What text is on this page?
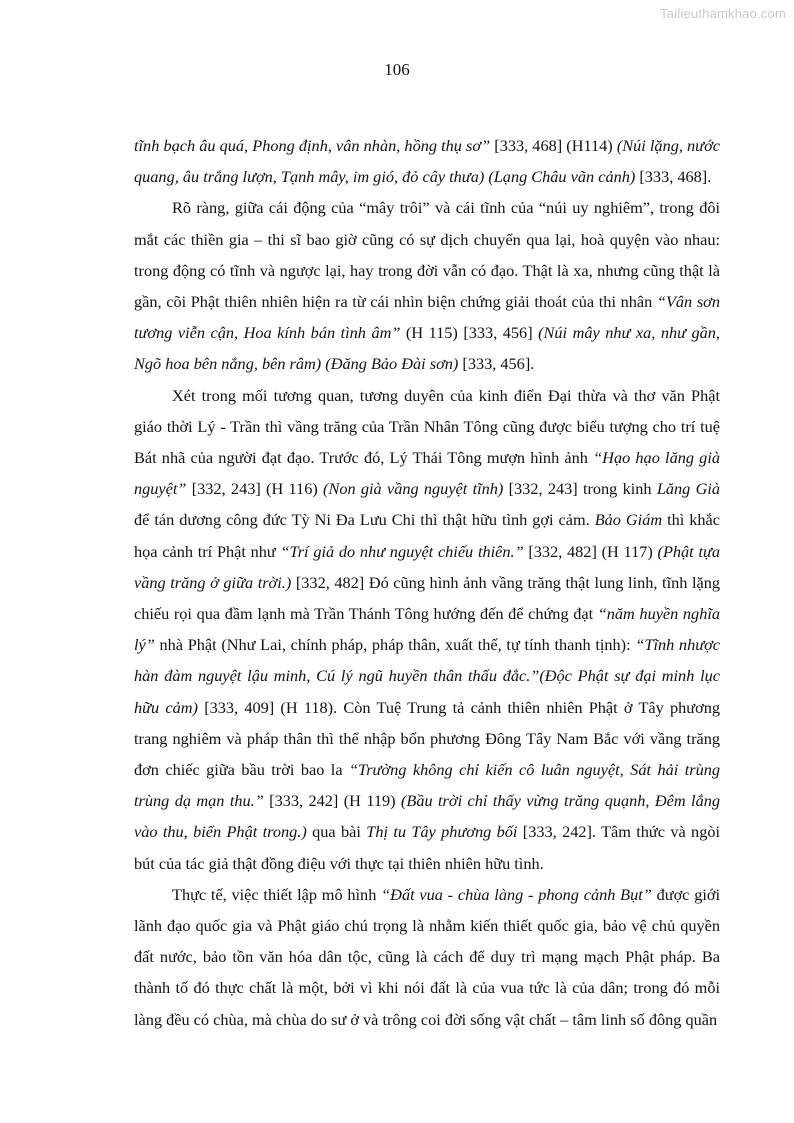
Tailieuthamkhao.com
106

tĩnh bạch âu quá, Phong định, vân nhàn, hồng thụ sơ” [333, 468] (H114) (Núi lặng, nước quang, âu trắng lượn, Tạnh mây, im gió, đỏ cây thưa) (Lạng Châu vãn cảnh) [333, 468].

Rõ ràng, giữa cái động của “mây trôi” và cái tĩnh của “núi uy nghiêm”, trong đôi mắt các thiền gia – thi sĩ bao giờ cũng có sự dịch chuyển qua lại, hoà quyện vào nhau: trong động có tĩnh và ngược lại, hay trong đời vẫn có đạo. Thật là xa, nhưng cũng thật là gần, cõi Phật thiên nhiên hiện ra từ cái nhìn biện chứng giải thoát của thi nhân “Vân sơn tương viễn cận, Hoa kính bán tình âm” (H 115) [333, 456] (Núi mây như xa, như gần, Ngõ hoa bên nắng, bên râm) (Đăng Bảo Đài sơn) [333, 456].

Xét trong mối tương quan, tương duyên của kinh điển Đại thừa và thơ văn Phật giáo thời Lý - Trần thì vầng trăng của Trần Nhân Tông cũng được biểu tượng cho trí tuệ Bát nhã của người đạt đạo. Trước đó, Lý Thái Tông mượn hình ảnh “Hạo hạo lăng già nguyệt” [332, 243] (H 116) (Non già vầng nguyệt tĩnh) [332, 243] trong kinh Lăng Già để tán dương công đức Tỳ Ni Đa Lưu Chi thì thật hữu tình gợi cảm. Bảo Giám thì khắc họa cảnh trí Phật như “Trí giả do như nguyệt chiếu thiên.” [332, 482] (H 117) (Phật tựa vầng trăng ở giữa trời.) [332, 482] Đó cũng hình ảnh vầng trăng thật lung linh, tĩnh lặng chiếu rọi qua đầm lạnh mà Trần Thánh Tông hướng đến để chứng đạt “năm huyền nghĩa lý” nhà Phật (Như Lai, chính pháp, pháp thân, xuất thế, tự tính thanh tịnh): “Tĩnh nhược hàn đàm nguyệt lậu minh, Cú lý ngũ huyền thân thấu đắc.”(Độc Phật sự đại minh lục hữu cảm) [333, 409] (H 118). Còn Tuệ Trung tả cảnh thiên nhiên Phật ở Tây phương trang nghiêm và pháp thân thì thể nhập bốn phương Đông Tây Nam Bắc với vầng trăng đơn chiếc giữa bầu trời bao la “Trường không chỉ kiến cô luân nguyệt, Sát hải trùng trùng dạ mạn thu.” [333, 242] (H 119) (Bầu trời chỉ thấy vừng trăng quạnh, Đêm lắng vào thu, biển Phật trong.) qua bài Thị tu Tây phương bối [333, 242]. Tâm thức và ngòi bút của tác giả thật đồng điệu với thực tại thiên nhiên hữu tình.

Thực tế, việc thiết lập mô hình “Đất vua - chùa làng - phong cảnh Bụt” được giới lãnh đạo quốc gia và Phật giáo chú trọng là nhằm kiến thiết quốc gia, bảo vệ chủ quyền đất nước, bảo tồn văn hóa dân tộc, cũng là cách để duy trì mạng mạch Phật pháp. Ba thành tố đó thực chất là một, bởi vì khi nói đất là của vua tức là của dân; trong đó mỗi làng đều có chùa, mà chùa do sư ở và trông coi đời sống vật chất – tâm linh số đông quần
